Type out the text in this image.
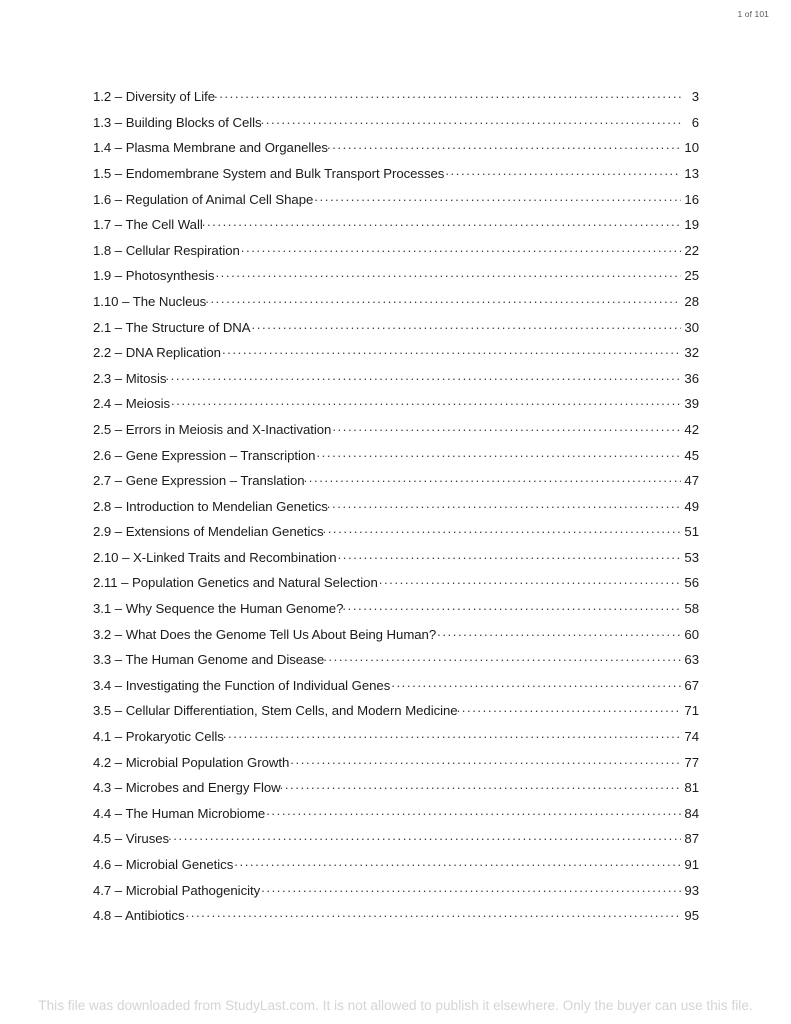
1 of 101
1.2 – Diversity of Life .....	3
1.3 – Building Blocks of Cells .....	6
1.4 – Plasma Membrane and Organelles .....	10
1.5 – Endomembrane System and Bulk Transport Processes .....	13
1.6 – Regulation of Animal Cell Shape .....	16
1.7 – The Cell Wall .....	19
1.8 – Cellular Respiration .....	22
1.9 – Photosynthesis .....	25
1.10 – The Nucleus .....	28
2.1 – The Structure of DNA .....	30
2.2 – DNA Replication .....	32
2.3 – Mitosis .....	36
2.4 – Meiosis .....	39
2.5 – Errors in Meiosis and X-Inactivation .....	42
2.6 – Gene Expression – Transcription .....	45
2.7 – Gene Expression – Translation .....	47
2.8 – Introduction to Mendelian Genetics .....	49
2.9 – Extensions of Mendelian Genetics .....	51
2.10 – X-Linked Traits and Recombination .....	53
2.11 – Population Genetics and Natural Selection .....	56
3.1 – Why Sequence the Human Genome? .....	58
3.2 – What Does the Genome Tell Us About Being Human? .....	60
3.3 – The Human Genome and Disease .....	63
3.4 – Investigating the Function of Individual Genes .....	67
3.5 – Cellular Differentiation, Stem Cells, and Modern Medicine .....	71
4.1 – Prokaryotic Cells .....	74
4.2 – Microbial Population Growth .....	77
4.3 – Microbes and Energy Flow .....	81
4.4 – The Human Microbiome .....	84
4.5 – Viruses .....	87
4.6 – Microbial Genetics .....	91
4.7 – Microbial Pathogenicity .....	93
4.8 – Antibiotics .....	95
This file was downloaded from StudyLast.com. It is not allowed to publish it elsewhere. Only the buyer can use this file.
